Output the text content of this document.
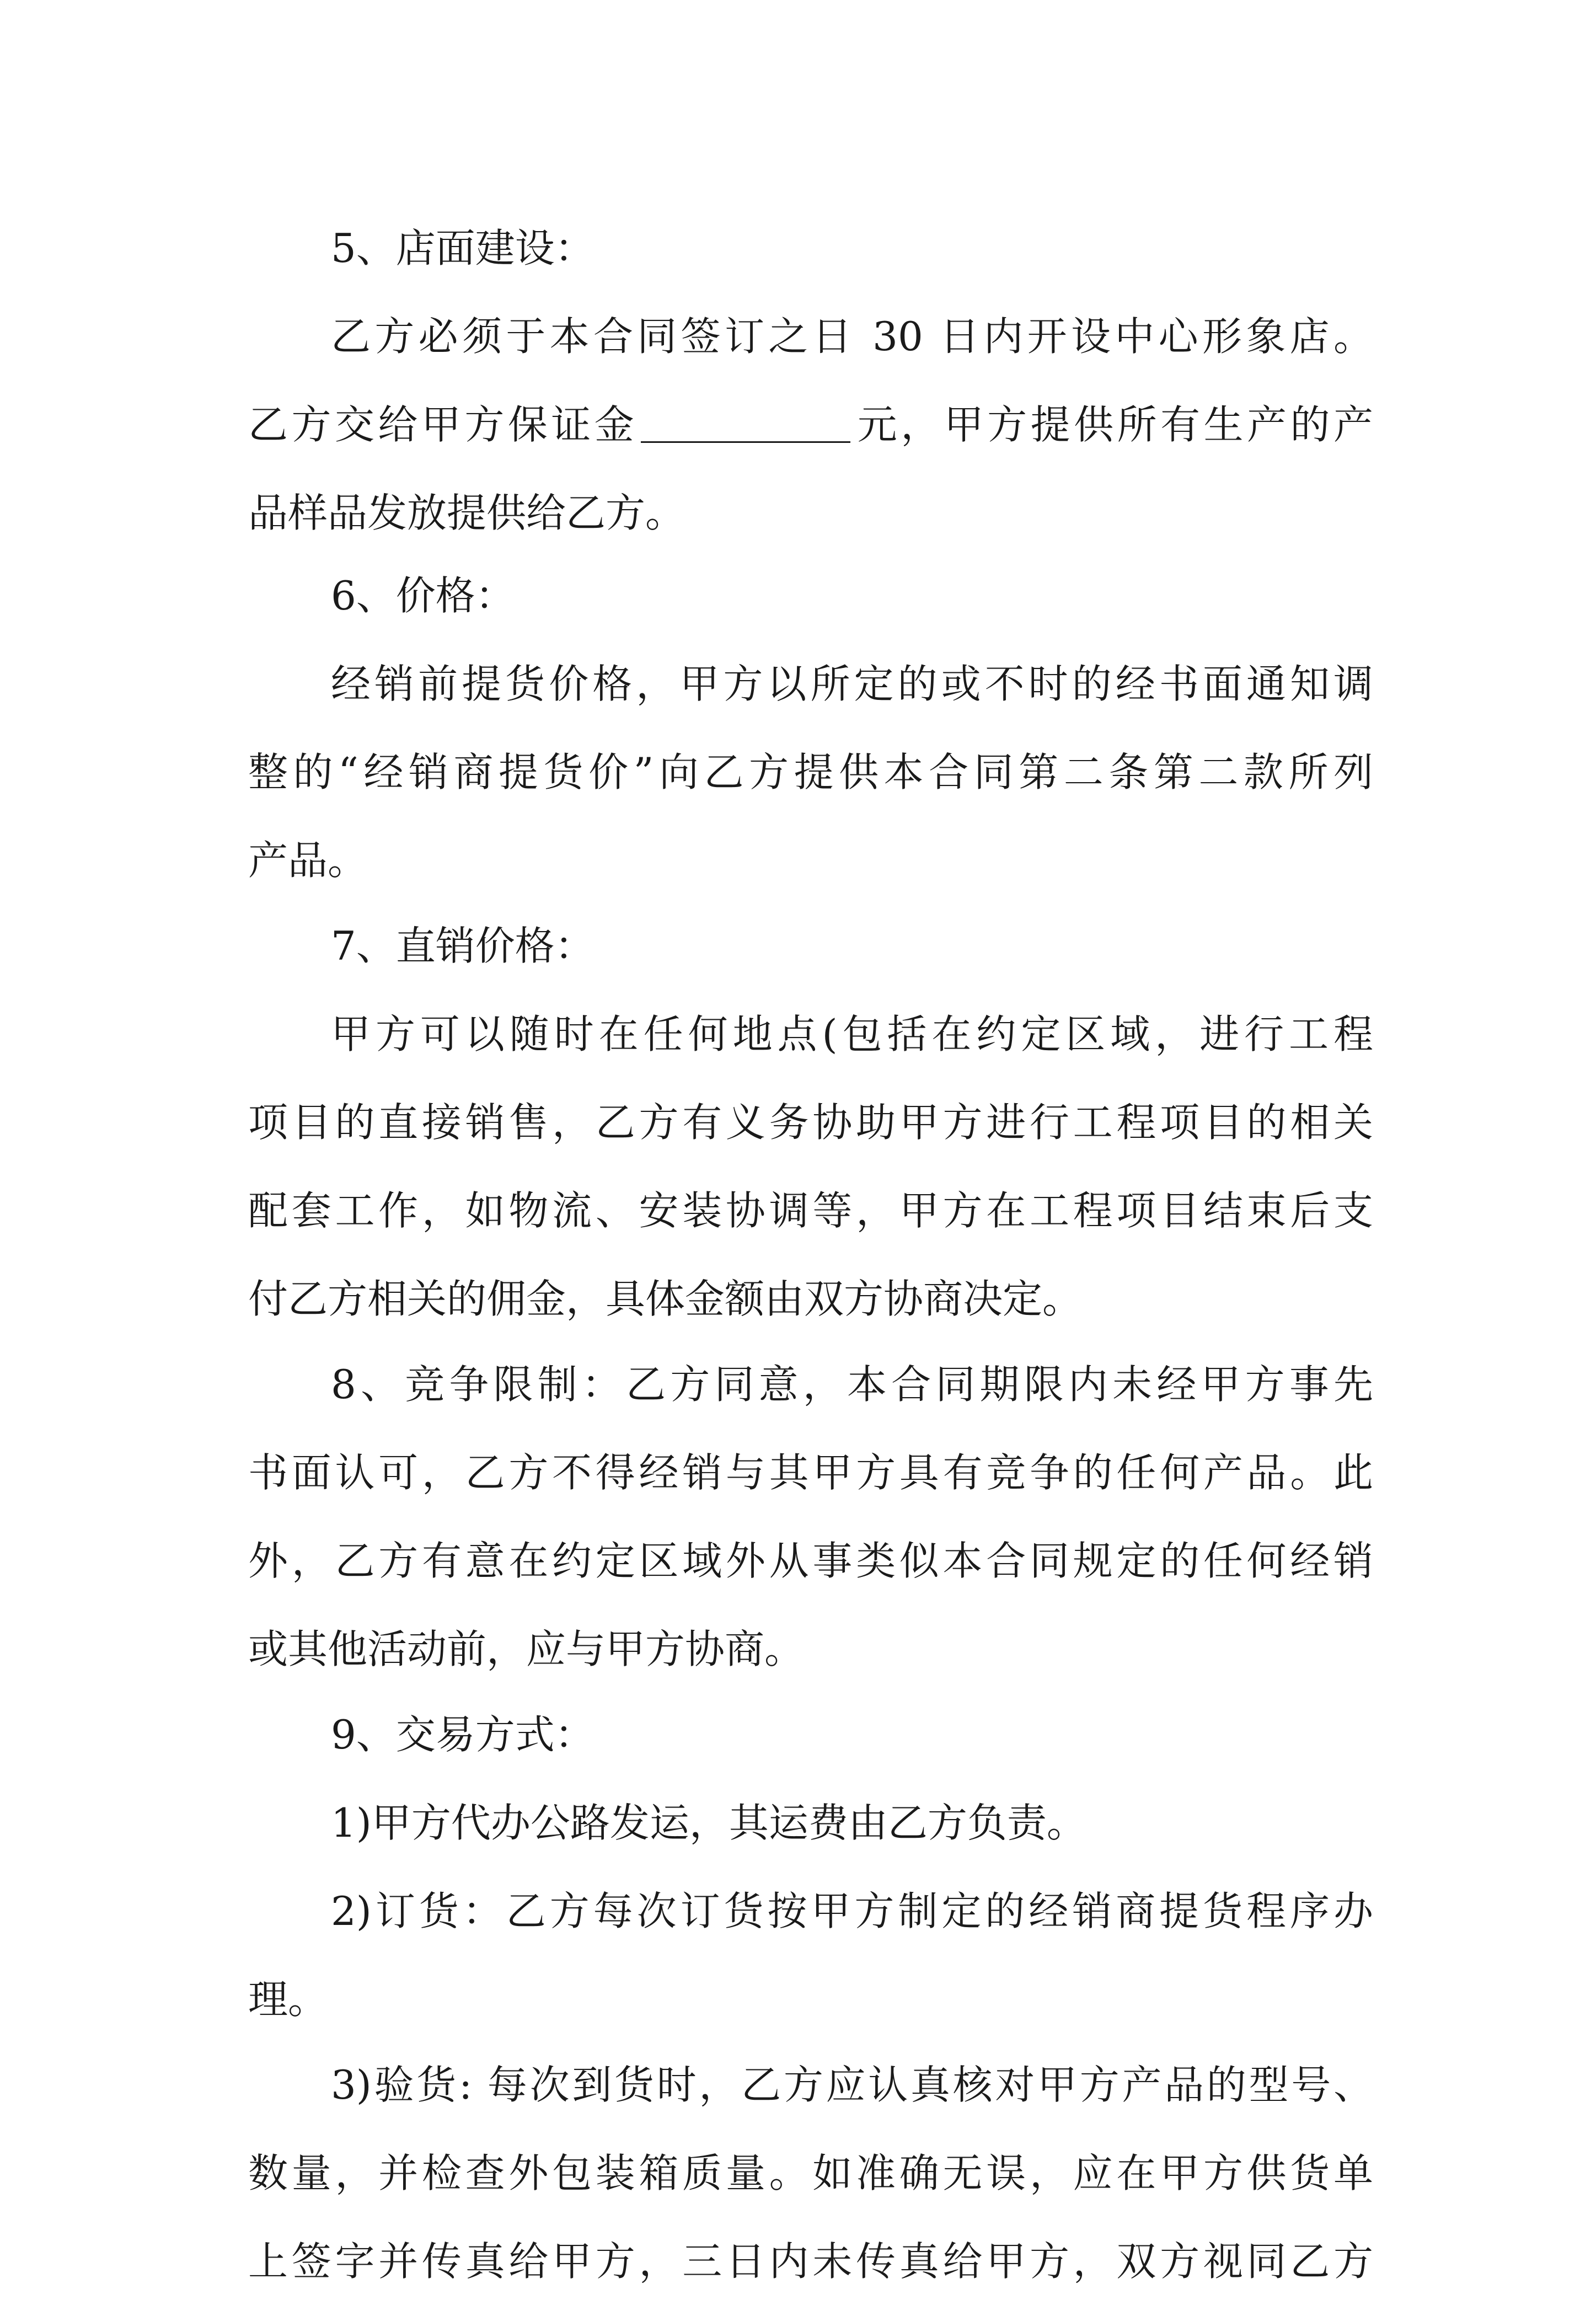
5、店面建设：
乙方必须于本合同签订之日 30 日内开设中心形象店。
乙方交给甲方保证金	元，甲方提供所有生产的产
品样品发放提供给乙方。
6、价格：
经销前提货价格，甲方以所定的或不时的经书面通知调
整的“经销商提货价”向乙方提供本合同第二条第二款所列
产品。
7、直销价格：
甲方可以随时在任何地点(包括在约定区域，进行工程
项目的直接销售，乙方有义务协助甲方进行工程项目的相关
配套工作，如物流、安装协调等，甲方在工程项目结束后支
付乙方相关的佣金，具体金额由双方协商决定。
8、竞争限制：乙方同意，本合同期限内未经甲方事先
书面认可，乙方不得经销与其甲方具有竞争的任何产品。此
外，乙方有意在约定区域外从事类似本合同规定的任何经销
或其他活动前，应与甲方协商。
9、交易方式：
1)甲方代办公路发运，其运费由乙方负责。
2)订货：乙方每次订货按甲方制定的经销商提货程序办
理。
3)验货: 每次到货时，乙方应认真核对甲方产品的型号、
数量，并检查外包装箱质量。如准确无误，应在甲方供货单
上签字并传真给甲方，三日内未传真给甲方，双方视同乙方
